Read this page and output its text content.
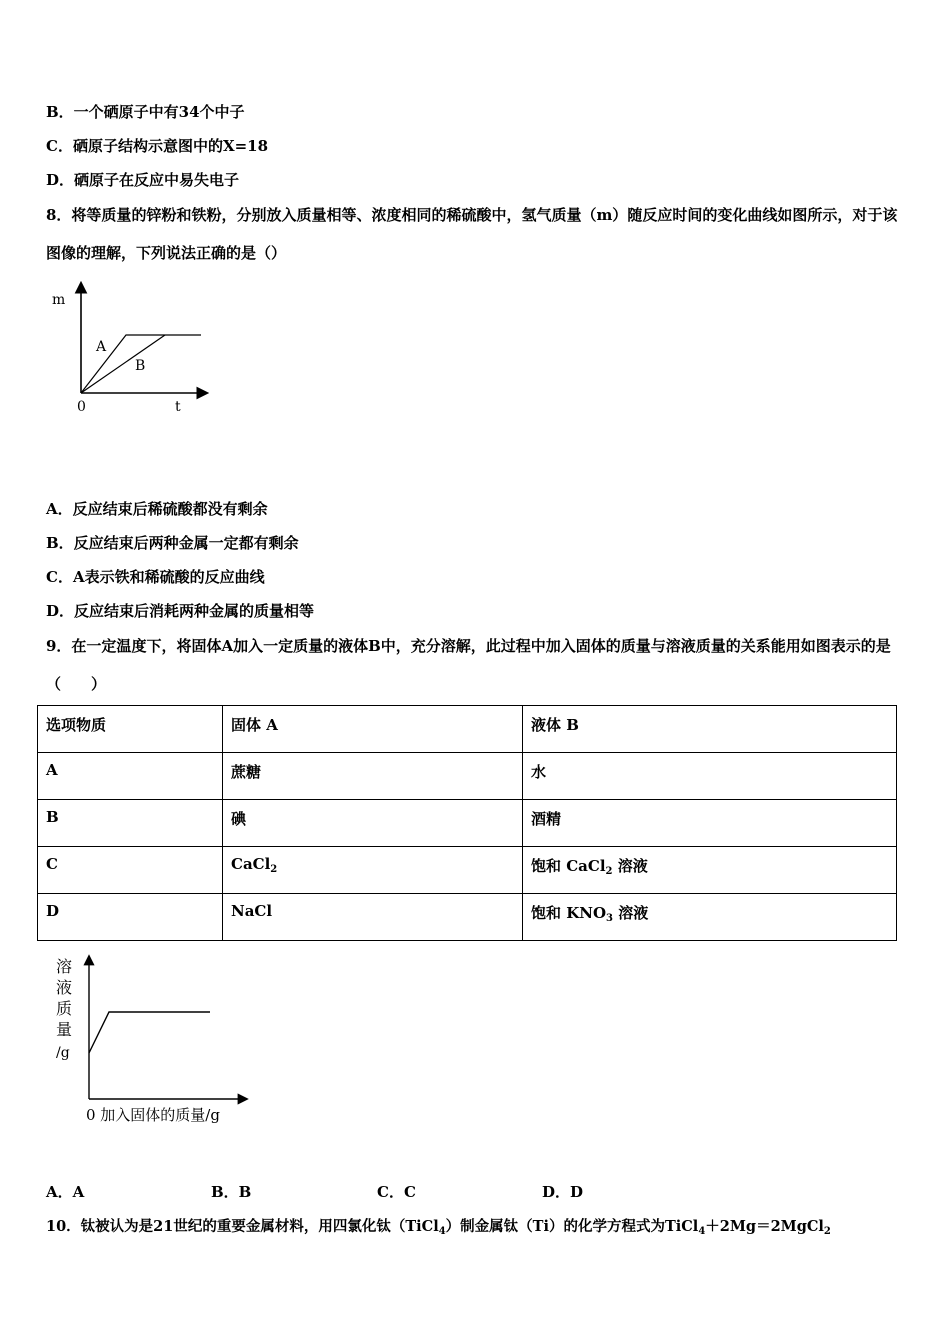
B．一个硒原子中有34个中子
C．硒原子结构示意图中的X=18
D．硒原子在反应中易失电子
8．将等质量的锌粉和铁粉，分别放入质量相等、浓度相同的稀硫酸中，氢气质量（m）随反应时间的变化曲线如图所示，对于该图像的理解，下列说法正确的是（）
m
A
B
0	t
A．反应结束后稀硫酸都没有剩余
B．反应结束后两种金属一定都有剩余
C．A表示铁和稀硫酸的反应曲线
D．反应结束后消耗两种金属的质量相等
9．在一定温度下，将固体A加入一定质量的液体B中，充分溶解，此过程中加入固体的质量与溶液质量的关系能用如图表示的是（　　）
选项物质	固体 A	液体 B

A	蔗糖	水

B	碘	酒精

C	CaCl$_2$	饱和 CaCl$_2$ 溶液

D	NaCl	饱和 $KNO_3$ 溶液
溶
液
质
量
/g
0 加入固体的质量/g
A．A	B．B	C．C	D．D
10．钛被认为是21世纪的重要金属材料，用四氯化钛（TiCl$_4$）制金属钛（Ti）的化学方程式为TiCl$_4$＋2Mg＝2MgCl$_2$
